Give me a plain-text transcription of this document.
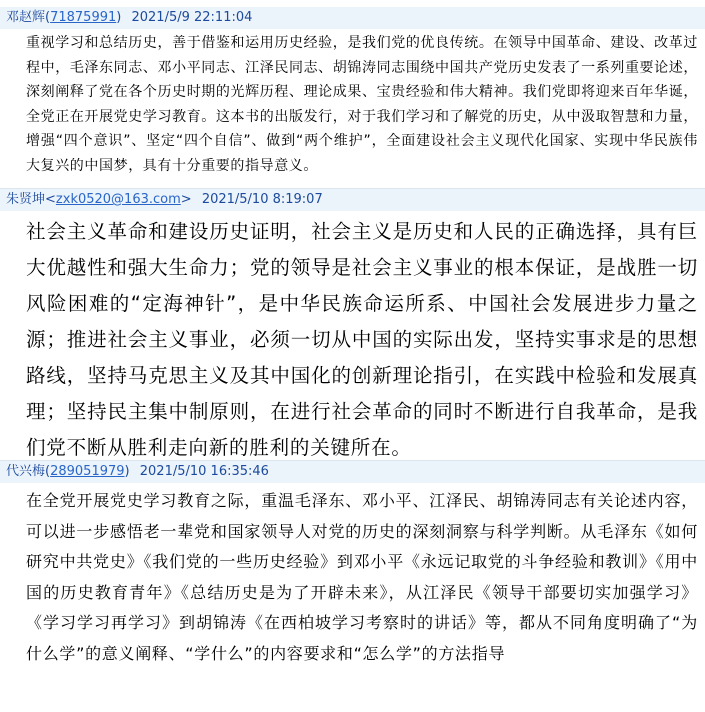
邓赵辉(71875991) 2021/5/9 22:11:04
重视学习和总结历史，善于借鉴和运用历史经验，是我们党的优良传统。在领导中国革命、建设、改革过程中，毛泽东同志、邓小平同志、江泽民同志、胡锦涛同志围绕中国共产党历史发表了一系列重要论述，深刻阐释了党在各个历史时期的光辉历程、理论成果、宝贵经验和伟大精神。我们党即将迎来百年华诞，全党正在开展党史学习教育。这本书的出版发行，对于我们学习和了解党的历史，从中汲取智慧和力量，增强“四个意识”、坚定“四个自信”、做到“两个维护”，全面建设社会主义现代化国家、实现中华民族伟大复兴的中国梦，具有十分重要的指导意义。
朱贤坤<zxk0520@163.com> 2021/5/10 8:19:07
社会主义革命和建设历史证明，社会主义是历史和人民的正确选择，具有巨大优越性和强大生命力；党的领导是社会主义事业的根本保证，是战胜一切风险困难的“定海神针”，是中华民族命运所系、中国社会发展进步力量之源；推进社会主义事业，必须一切从中国的实际出发，坚持实事求是的思想路线，坚持马克思主义及其中国化的创新理论指引，在实践中检验和发展真理；坚持民主集中制原则，在进行社会革命的同时不断进行自我革命，是我们党不断从胜利走向新的胜利的关键所在。
代兴梅(289051979) 2021/5/10 16:35:46
在全党开展党史学习教育之际，重温毛泽东、邓小平、江泽民、胡锦涛同志有关论述内容，可以进一步感悟老一辈党和国家领导人对党的历史的深刻洞察与科学判断。从毛泽东《如何研究中共党史》《我们党的一些历史经验》到邓小平《永远记取党的斗争经验和教训》《用中国的历史教育青年》《总结历史是为了开辟未来》，从江泽民《领导干部要切实加强学习》《学习学习再学习》到胡锦涛《在西柏坡学习考察时的讲话》等，都从不同角度明确了“为什么学”的意义阐释、“学什么”的内容要求和“怎么学”的方法指导
